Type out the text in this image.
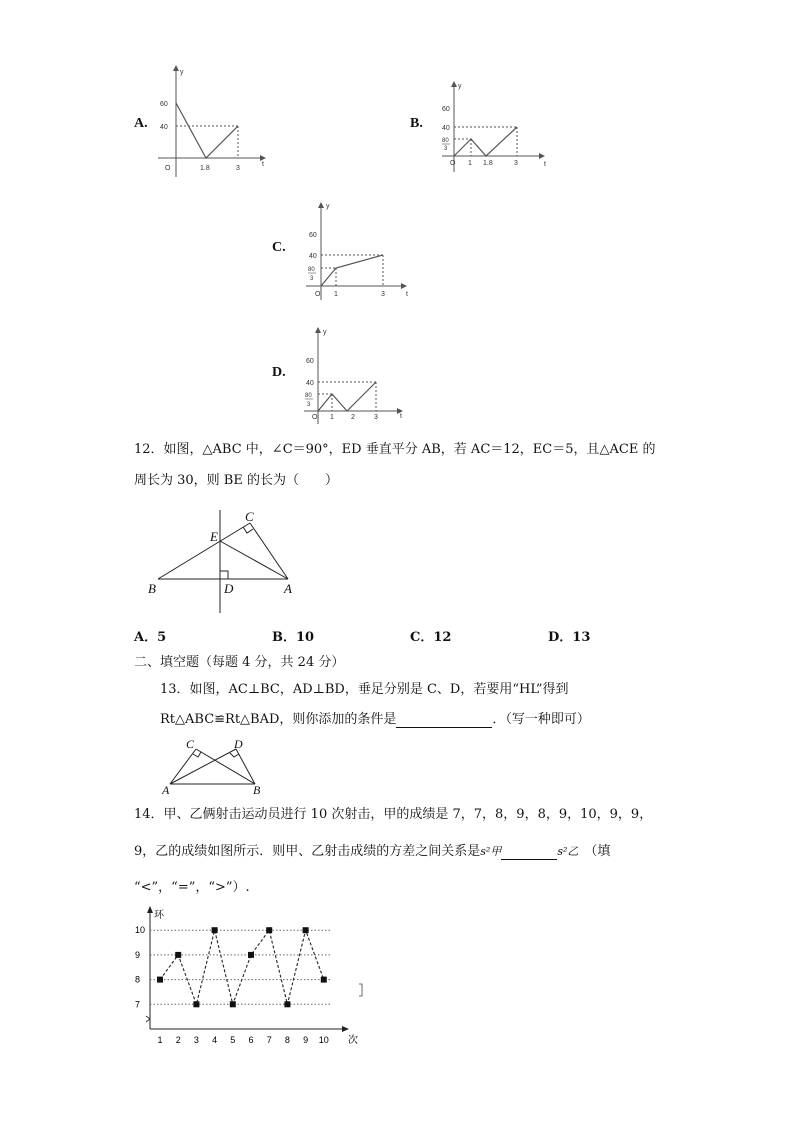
A.
y
t
60
40
O	1.8	3
B.
y
t
60
40
80
3
O 1 1.8	3
C.
y
t
60
40
80
3
O 1	3
D.
y
t
60
40
80
3
O 1 2	3
12．如图，△ABC 中，∠C＝90°，ED 垂直平分 AB，若 AC＝12，EC＝5，且△ACE 的
周长为 30，则 BE 的长为（　　）
E
C
B	D	A
A．5	B．10	C．12	D．13
二、填空题（每题 4 分，共 24 分）
13．如图，AC⊥BC，AD⊥BD，垂足分别是 C、D，若要用“HL”得到
Rt△ABC≌Rt△BAD，则你添加的条件是	．（写一种即可）
C	D
A	B
14．甲、乙俩射击运动员进行 10 次射击，甲的成绩是 7，7，8，9，8，9，10，9，9，
9，乙的成绩如图所示．则甲、乙射击成绩的方差之间关系是s²甲	s²乙 （填
“<”，“=”，“>”）.
环
次
7
8
9
10
1 2 3 4 5 6 7 8 9 10
